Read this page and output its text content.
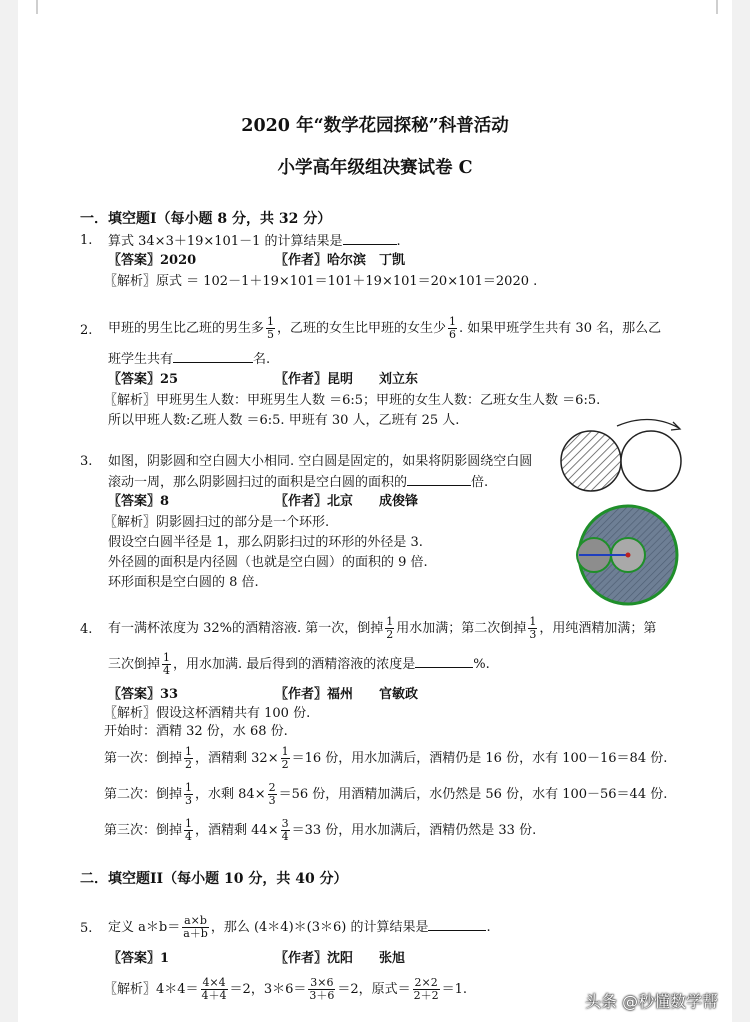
2020 年“数学花园探秘”科普活动
小学高年级组决赛试卷 C
一．填空题I（每小题 8 分，共 32 分）
1. 算式 34×3＋19×101－1 的计算结果是	.
〖答案〗2020	〖作者〗哈尔滨　丁凯
〖解析〗原式 ＝ 102－1＋19×101＝101＋19×101＝20×101＝2020 .
2. 甲班的男生比乙班的男生多 $\frac{1}{5}$ ，乙班的女生比甲班的女生少 $\frac{1}{6}$ . 如果甲班学生共有 30 名，那么乙
班学生共有	名.
〖答案〗25	〖作者〗昆明　　刘立东
〖解析〗甲班男生人数：甲班男生人数 ＝6:5；甲班的女生人数：乙班女生人数 ＝6:5.
所以甲班人数:乙班人数 ＝6:5. 甲班有 30 人，乙班有 25 人.
3. 如图，阴影圆和空白圆大小相同. 空白圆是固定的，如果将阴影圆绕空白圆
滚动一周，那么阴影圆扫过的面积是空白圆的面积的	倍.
〖答案〗8	〖作者〗北京　　成俊锋
〖解析〗阴影圆扫过的部分是一个环形.
假设空白圆半径是 1，那么阴影扫过的环形的外径是 3.
外径圆的面积是内径圆（也就是空白圆）的面积的 9 倍.
环形面积是空白圆的 8 倍.
4. 有一满杯浓度为 32%的酒精溶液. 第一次，倒掉 $\frac{1}{2}$ 用水加满；第二次倒掉 $\frac{1}{3}$ ，用纯酒精加满；第
三次倒掉 $\frac{1}{4}$ ，用水加满. 最后得到的酒精溶液的浓度是	%.
〖答案〗33	〖作者〗福州　　官敏政
〖解析〗假设这杯酒精共有 100 份.
开始时：酒精 32 份，水 68 份.
第一次：倒掉 $\frac{1}{2}$ ，酒精剩 $32\times \frac{1}{2} =16$ 份，用水加满后，酒精仍是 16 份，水有 100－16＝84 份.
第二次：倒掉 $\frac{1}{3}$ ，水剩 $84\times \frac{2}{3} =56$ 份，用酒精加满后，水仍然是 56 份，水有 100－56＝44 份.
第三次：倒掉 $\frac{1}{4}$ ，酒精剩 $44\times \frac{3}{4} =33$ 份，用水加满后，酒精仍然是 33 份.
二．填空题II（每小题 10 分，共 40 分）
5. 定义 a＊b＝ $\frac{a\times b}{a+b}$ ，那么 (4＊4)＊(3＊6) 的计算结果是	.
〖答案〗1	〖作者〗沈阳　　张旭
〖解析〗4＊4＝ $\frac{4\times 4}{4+4} =2$，3＊6＝ $\frac{3\times 6}{3+6} =2$，原式＝ $\frac{2\times 2}{2+2} =1$.
头条 @秒懂数学帮
